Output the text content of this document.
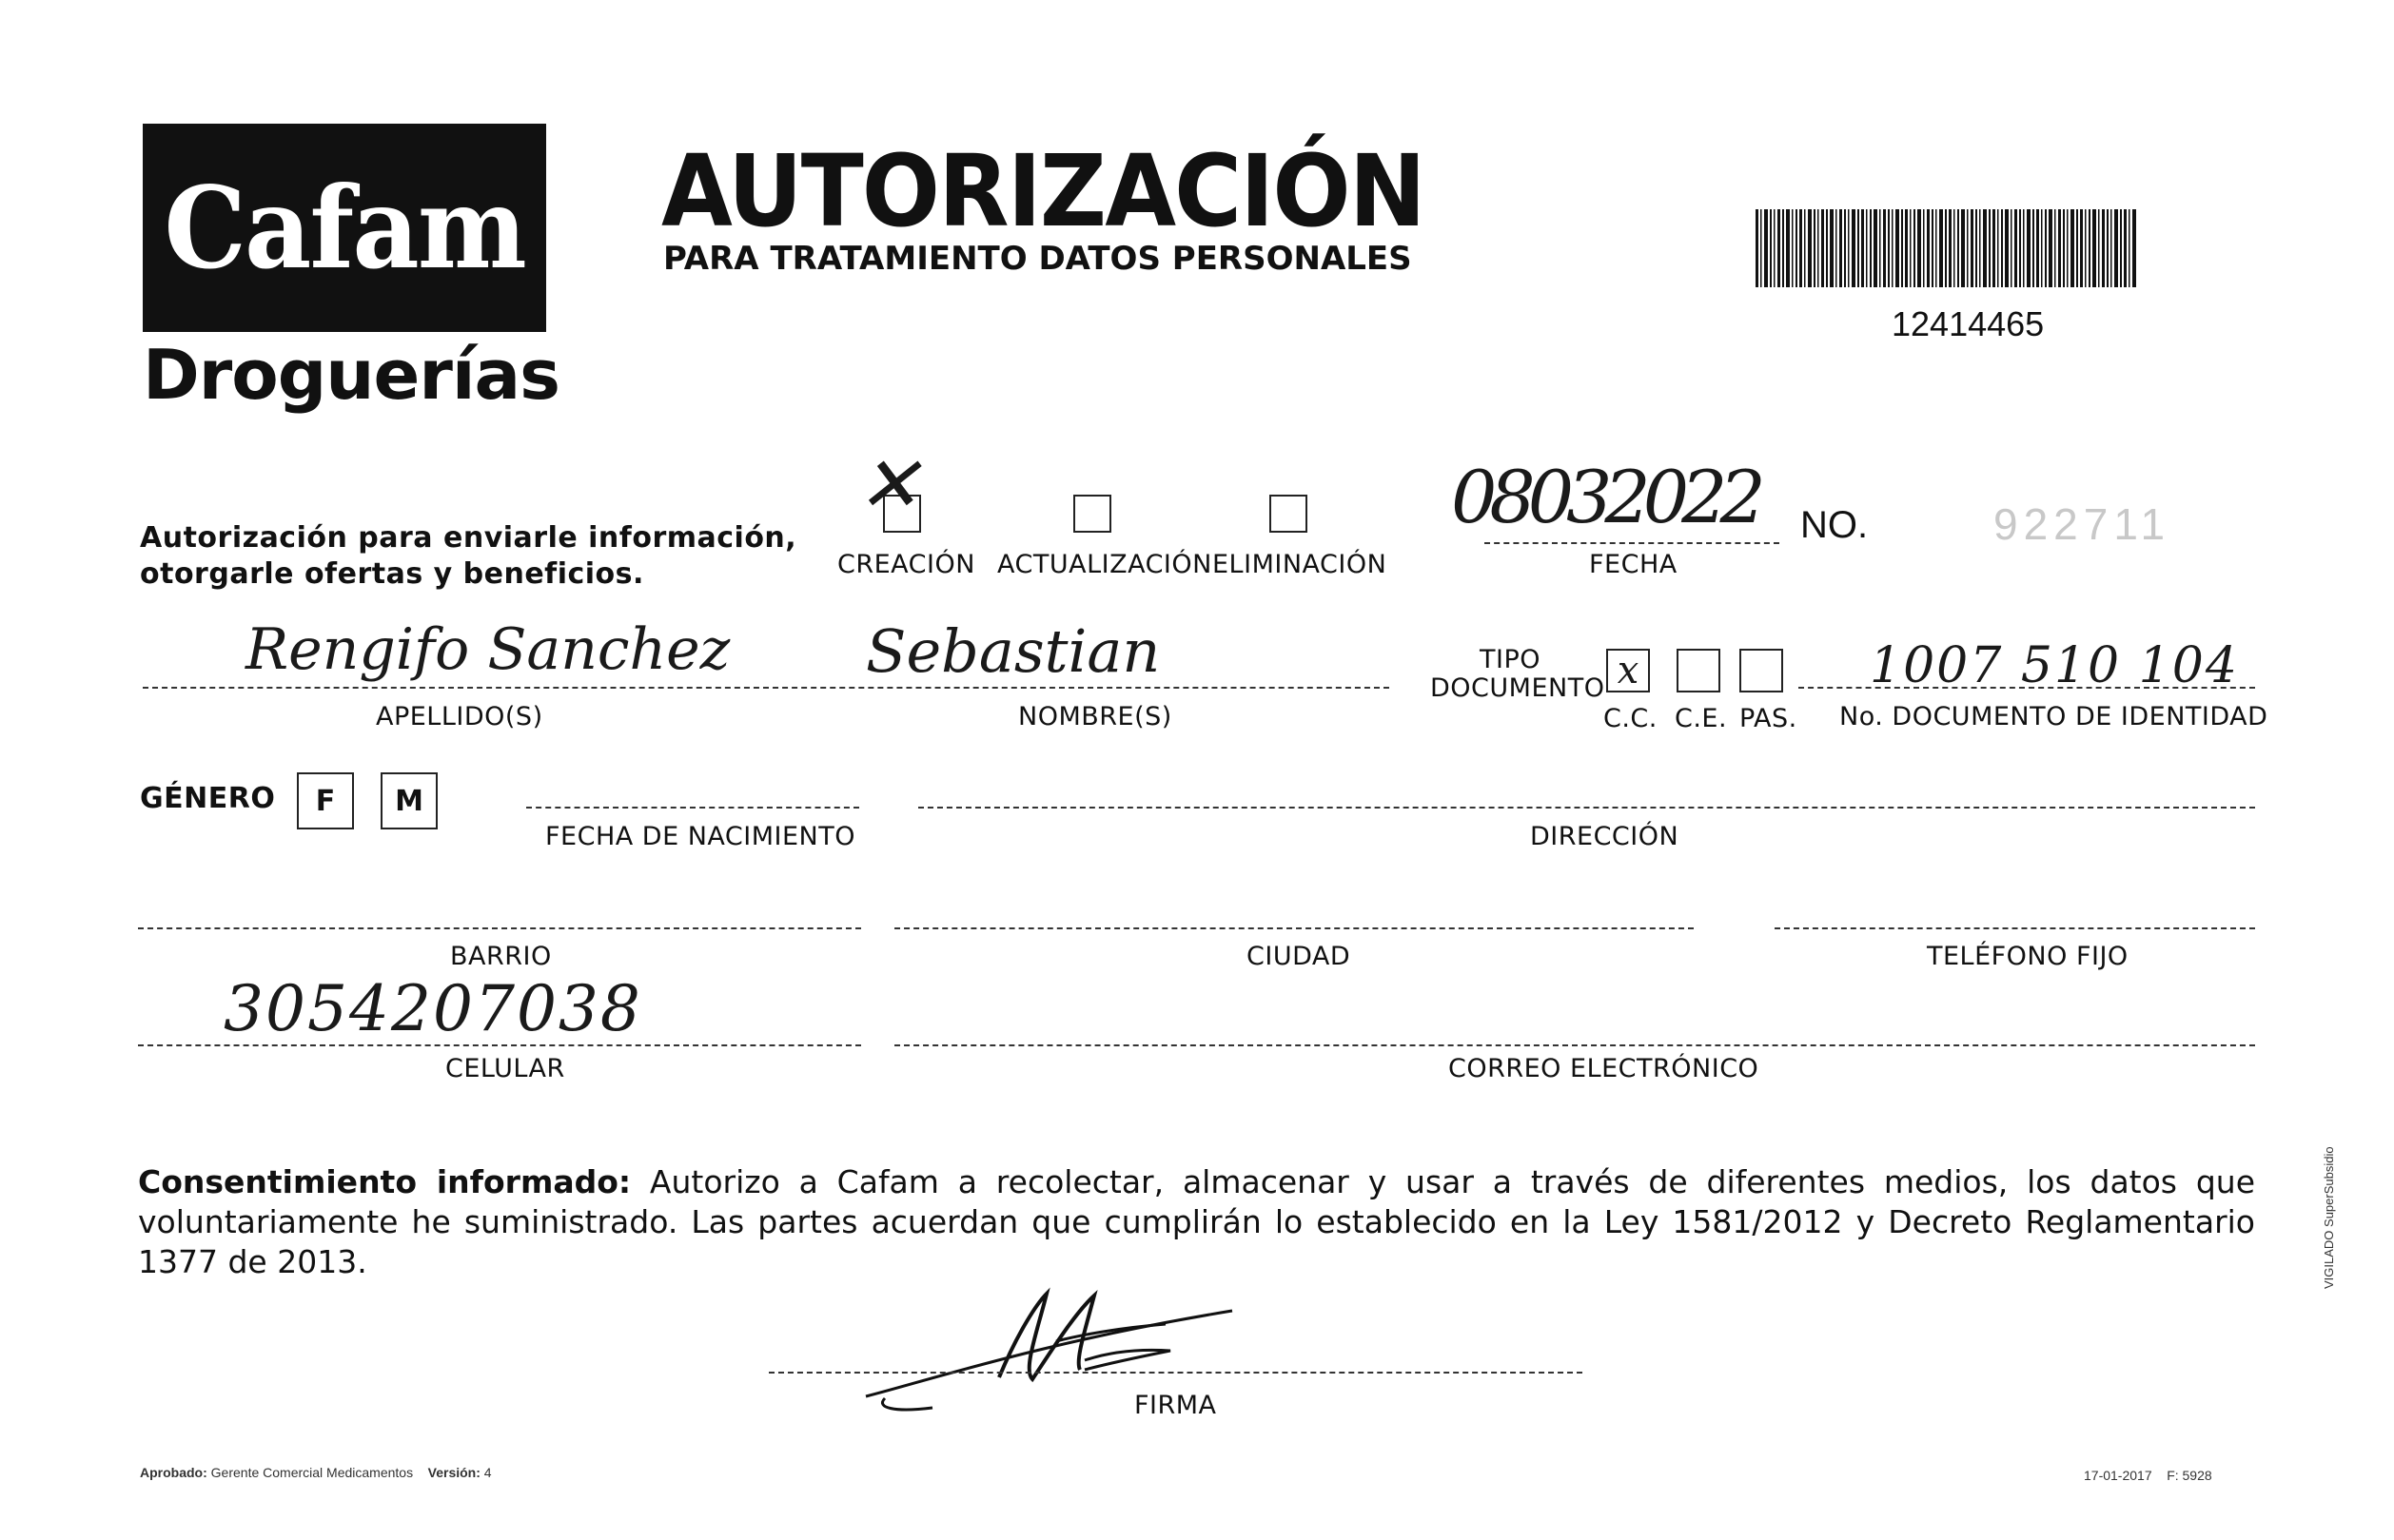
Cafam
Droguerías
AUTORIZACIÓN
PARA TRATAMIENTO DATOS PERSONALES
12414465
Autorización para enviarle información,
otorgarle ofertas y beneficios.
✕
CREACIÓN ACTUALIZACIÓN ELIMINACIÓN
08032022
FECHA
NO.	922711
Rengifo Sanchez
APELLIDO(S)
Sebastian
NOMBRE(S)
TIPO
DOCUMENTO x
C.C. C.E. PAS.
1007 510 104
No. DOCUMENTO DE IDENTIDAD
GÉNERO F M
FECHA DE NACIMIENTO	DIRECCIÓN
BARRIO	CIUDAD	TELÉFONO FIJO
3054207038
CELULAR	CORREO ELECTRÓNICO
Consentimiento informado: Autorizo a Cafam a recolectar, almacenar y usar a través de diferentes medios, los datos que voluntariamente he suministrado. Las partes acuerdan que cumplirán lo establecido en la Ley 1581/2012 y Decreto Reglamentario 1377 de 2013.
FIRMA
Aprobado: Gerente Comercial Medicamentos Versión: 4	17-01-2017 F: 5928
VIGILADO SuperSubsidio
